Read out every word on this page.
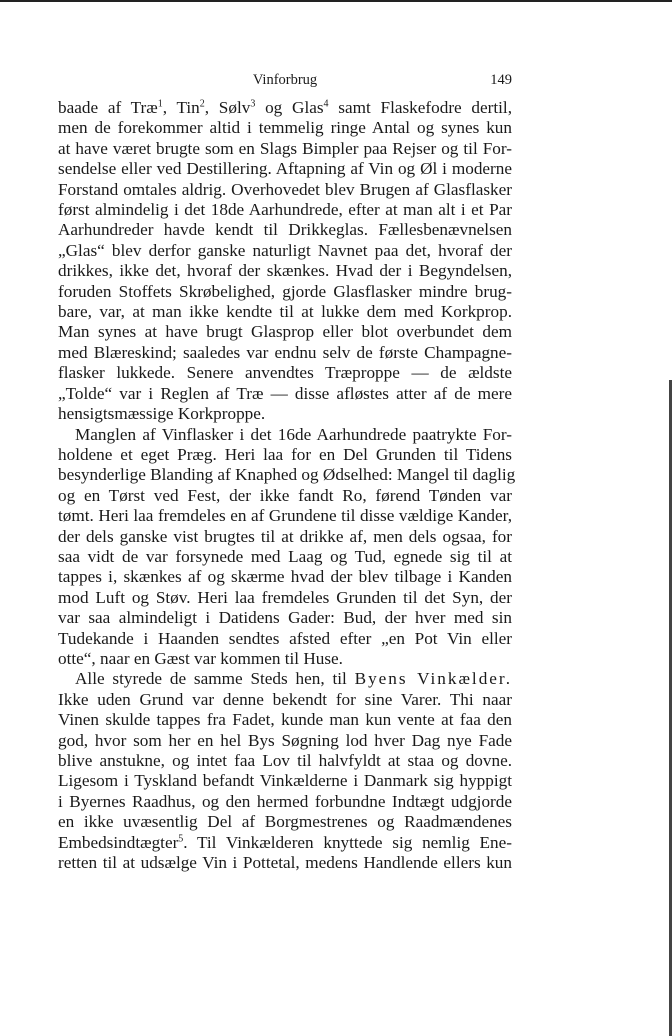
Vinforbrug	149
baade af Træ$^1$, Tin$^2$, Sølv$^3$ og Glas$^4$ samt Flaskefodre dertil,
men de forekommer altid i temmelig ringe Antal og synes kun
at have været brugte som en Slags Bimpler paa Rejser og til For-
sendelse eller ved Destillering. Aftapning af Vin og Øl i moderne
Forstand omtales aldrig. Overhovedet blev Brugen af Glasflasker
først almindelig i det 18de Aarhundrede, efter at man alt i et Par
Aarhundreder havde kendt til Drikkeglas. Fællesbenævnelsen
„Glas“ blev derfor ganske naturligt Navnet paa det, hvoraf der
drikkes, ikke det, hvoraf der skænkes. Hvad der i Begyndelsen,
foruden Stoffets Skrøbelighed, gjorde Glasflasker mindre brug-
bare, var, at man ikke kendte til at lukke dem med Korkprop.
Man synes at have brugt Glasprop eller blot overbundet dem
med Blæreskind; saaledes var endnu selv de første Champagne-
flasker lukkede. Senere anvendtes Træproppe — de ældste
„Tolde“ var i Reglen af Træ — disse afløstes atter af de mere
hensigtsmæssige Korkproppe.
Manglen af Vinflasker i det 16de Aarhundrede paatrykte For-
holdene et eget Præg. Heri laa for en Del Grunden til Tidens
besynderlige Blanding af Knaphed og Ødselhed: Mangel til daglig
og en Tørst ved Fest, der ikke fandt Ro, førend Tønden var
tømt. Heri laa fremdeles en af Grundene til disse vældige Kander,
der dels ganske vist brugtes til at drikke af, men dels ogsaa, for
saa vidt de var forsynede med Laag og Tud, egnede sig til at
tappes i, skænkes af og skærme hvad der blev tilbage i Kanden
mod Luft og Støv. Heri laa fremdeles Grunden til det Syn, der
var saa almindeligt i Datidens Gader: Bud, der hver med sin
Tudekande i Haanden sendtes afsted efter „en Pot Vin eller
otte“, naar en Gæst var kommen til Huse.
Alle styrede de samme Steds hen, til Byens Vinkælder.
Ikke uden Grund var denne bekendt for sine Varer. Thi naar
Vinen skulde tappes fra Fadet, kunde man kun vente at faa den
god, hvor som her en hel Bys Søgning lod hver Dag nye Fade
blive anstukne, og intet faa Lov til halvfyldt at staa og dovne.
Ligesom i Tyskland befandt Vinkælderne i Danmark sig hyppigt
i Byernes Raadhus, og den hermed forbundne Indtægt udgjorde
en ikke uvæsentlig Del af Borgmestrenes og Raadmændenes
Embedsindtægter$^5$. Til Vinkælderen knyttede sig nemlig Ene-
retten til at udsælge Vin i Pottetal, medens Handlende ellers kun
